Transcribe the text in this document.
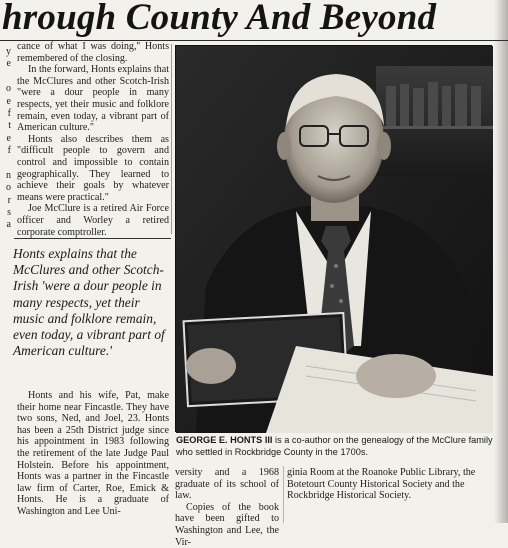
hrough County And Beyond
y
e
o
e
f
t
e
f
n
o
r
s
a

cance of what I was doing,'' Honts remembered of the closing.

In the forward, Honts explains that the McClures and other Scotch-Irish "were a dour people in many respects, yet their music and folklore remain, even today, a vibrant part of American culture."

Honts also describes them as "difficult people to govern and control and impossible to contain geographically. They learned to achieve their goals by whatever means were practical."

Joe McClure is a retired Air Force officer and Worley a retired corporate comptroller.

Honts explains that the McClures and other Scotch-Irish 'were a dour people in many respects, yet their music and folklore remain, even today, a vibrant part of American culture.'

Honts and his wife, Pat, make their home near Fincastle. They have two sons, Ned, and Joel, 23. Honts has been a 25th District judge since his appointment in 1983 following the retirement of the late Judge Paul Holstein. Before his appointment, Honts was a partner in the Fincastle law firm of Carter, Roe, Emick & Honts. He is a graduate of Washington and Lee Uni-

GEORGE E. HONTS III is a co-author on the genealogy of the McClure family who settled in Rockbridge County in the 1700s.

versity and a 1968 graduate of its school of law.

Copies of the book have been gifted to Washington and Lee, the Vir-

ginia Room at the Roanoke Public Library, the Botetourt County Historical Society and the Rockbridge Historical Society.
